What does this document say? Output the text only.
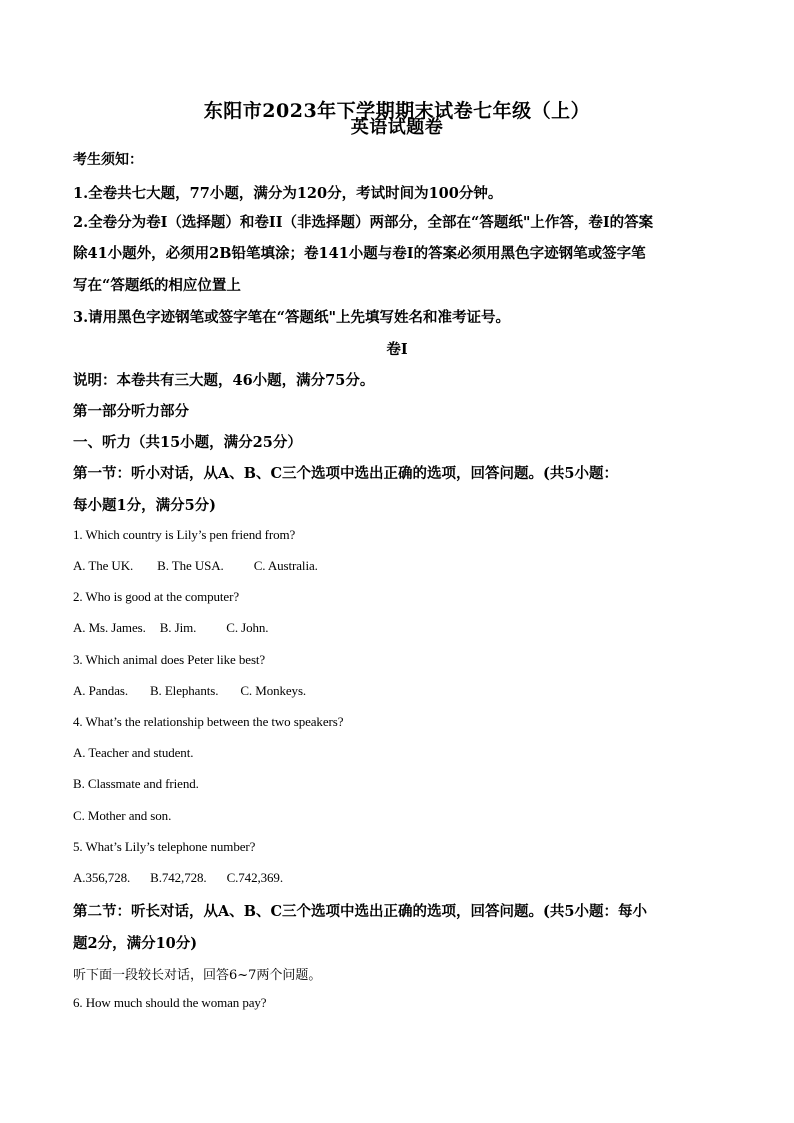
东阳市2023年下学期期末试卷七年级（上）
英语试题卷
考生须知：
1.全卷共七大题，77小题，满分为120分，考试时间为100分钟。
2.全卷分为卷I（选择题）和卷II（非选择题）两部分，全部在“答题纸"上作答，卷I的答案
除41小题外，必须用2B铅笔填涂；卷141小题与卷I的答案必须用黑色字迹钢笔或签字笔
写在“答题纸的相应位置上
3.请用黑色字迹钢笔或签字笔在“答题纸"上先填写姓名和准考证号。
卷I
说明：本卷共有三大题，46小题，满分75分。
第一部分听力部分
一、听力（共15小题，满分25分）
第一节：听小对话，从A、B、C三个选项中选出正确的选项，回答问题。(共5小题：
每小题1分，满分5分)
1. Which country is Lily’s pen friend from?
A. The UK. B. The USA. C. Australia.
2. Who is good at the computer?
A. Ms. James. B. Jim. C. John.
3. Which animal does Peter like best?
A. Pandas. B. Elephants. C. Monkeys.
4. What’s the relationship between the two speakers?
A. Teacher and student.
B. Classmate and friend.
C. Mother and son.
5. What’s Lily’s telephone number?
A.356,728. B.742,728. C.742,369.
第二节：听长对话，从A、B、C三个选项中选出正确的选项，回答问题。(共5小题：每小
题2分，满分10分)
听下面一段较长对话，回答6~7两个问题。
6. How much should the woman pay?
